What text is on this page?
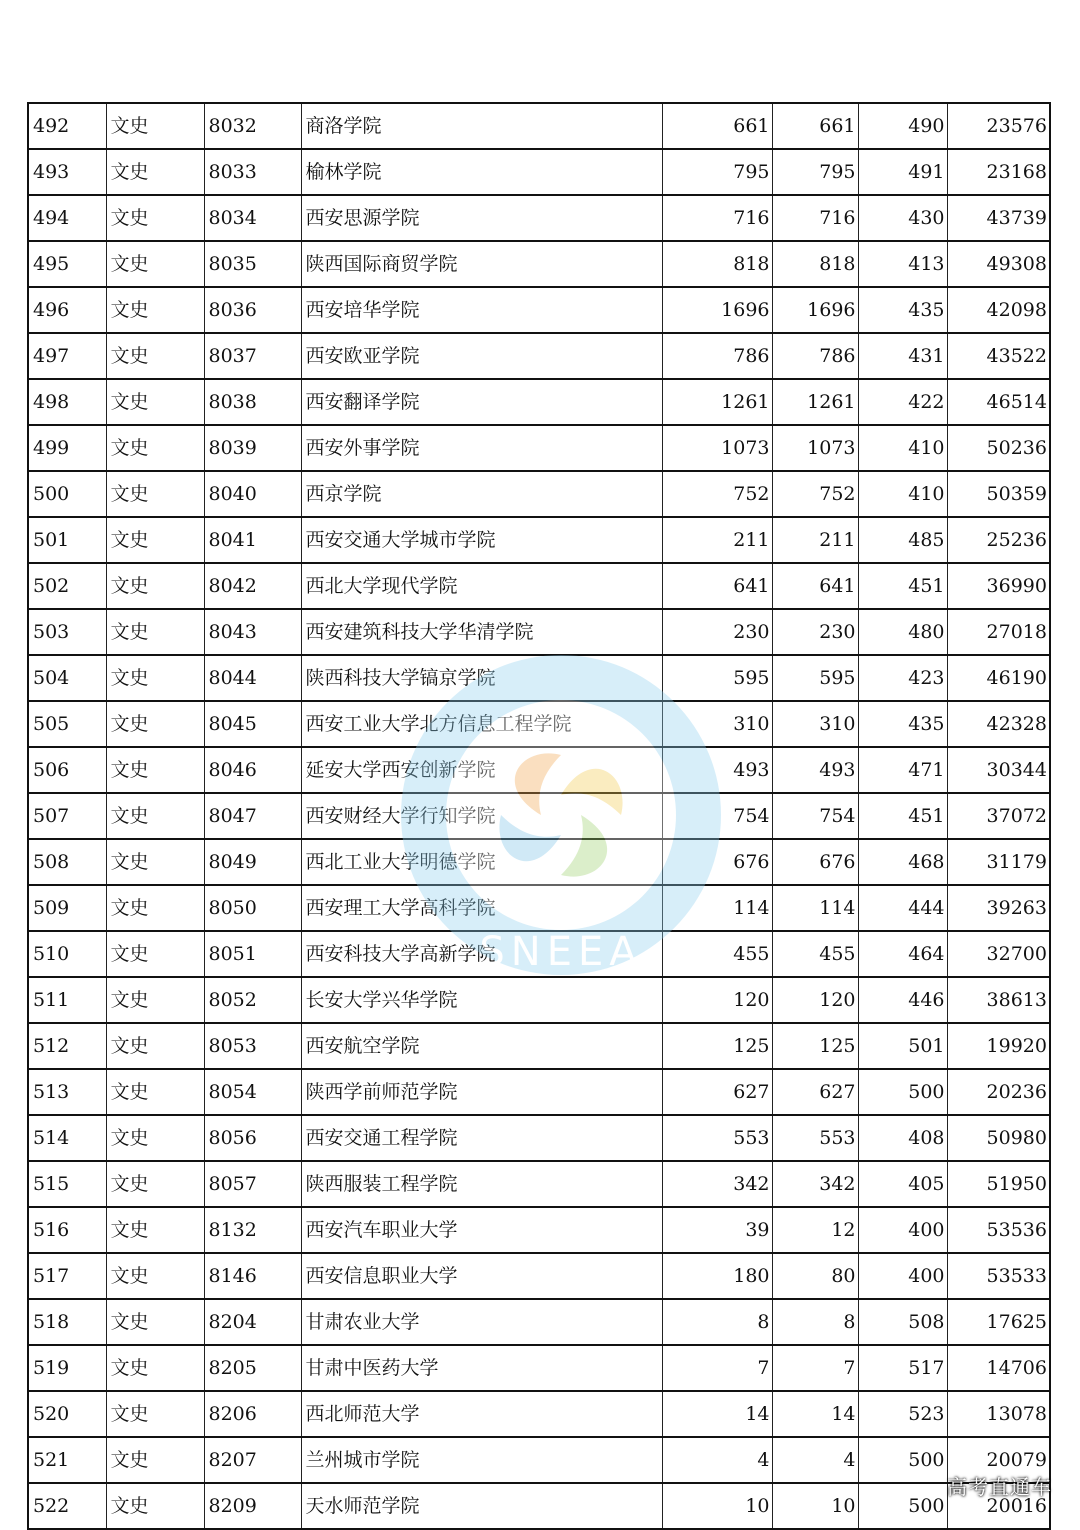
492	文史	8032	商洛学院	661	661	490	23576
493	文史	8033	榆林学院	795	795	491	23168
494	文史	8034	西安思源学院	716	716	430	43739
495	文史	8035	陕西国际商贸学院	818	818	413	49308
496	文史	8036	西安培华学院	1696	1696	435	42098
497	文史	8037	西安欧亚学院	786	786	431	43522
498	文史	8038	西安翻译学院	1261	1261	422	46514
499	文史	8039	西安外事学院	1073	1073	410	50236
500	文史	8040	西京学院	752	752	410	50359
501	文史	8041	西安交通大学城市学院	211	211	485	25236
502	文史	8042	西北大学现代学院	641	641	451	36990
503	文史	8043	西安建筑科技大学华清学院	230	230	480	27018
504	文史	8044	陕西科技大学镐京学院	595	595	423	46190
505	文史	8045	西安工业大学北方信息工程学院	310	310	435	42328
506	文史	8046	延安大学西安创新学院	493	493	471	30344
507	文史	8047	西安财经大学行知学院	754	754	451	37072
508	文史	8049	西北工业大学明德学院	676	676	468	31179
509	文史	8050	西安理工大学高科学院	114	114	444	39263
510	文史	8051	西安科技大学高新学院	455	455	464	32700
511	文史	8052	长安大学兴华学院	120	120	446	38613
512	文史	8053	西安航空学院	125	125	501	19920
513	文史	8054	陕西学前师范学院	627	627	500	20236
514	文史	8056	西安交通工程学院	553	553	408	50980
515	文史	8057	陕西服装工程学院	342	342	405	51950
516	文史	8132	西安汽车职业大学	39	12	400	53536
517	文史	8146	西安信息职业大学	180	80	400	53533
518	文史	8204	甘肃农业大学	8	8	508	17625
519	文史	8205	甘肃中医药大学	7	7	517	14706
520	文史	8206	西北师范大学	14	14	523	13078
521	文史	8207	兰州城市学院	4	4	500	20079
522	文史	8209	天水师范学院	10	10	500	20016
SNEEA
高考直通车
